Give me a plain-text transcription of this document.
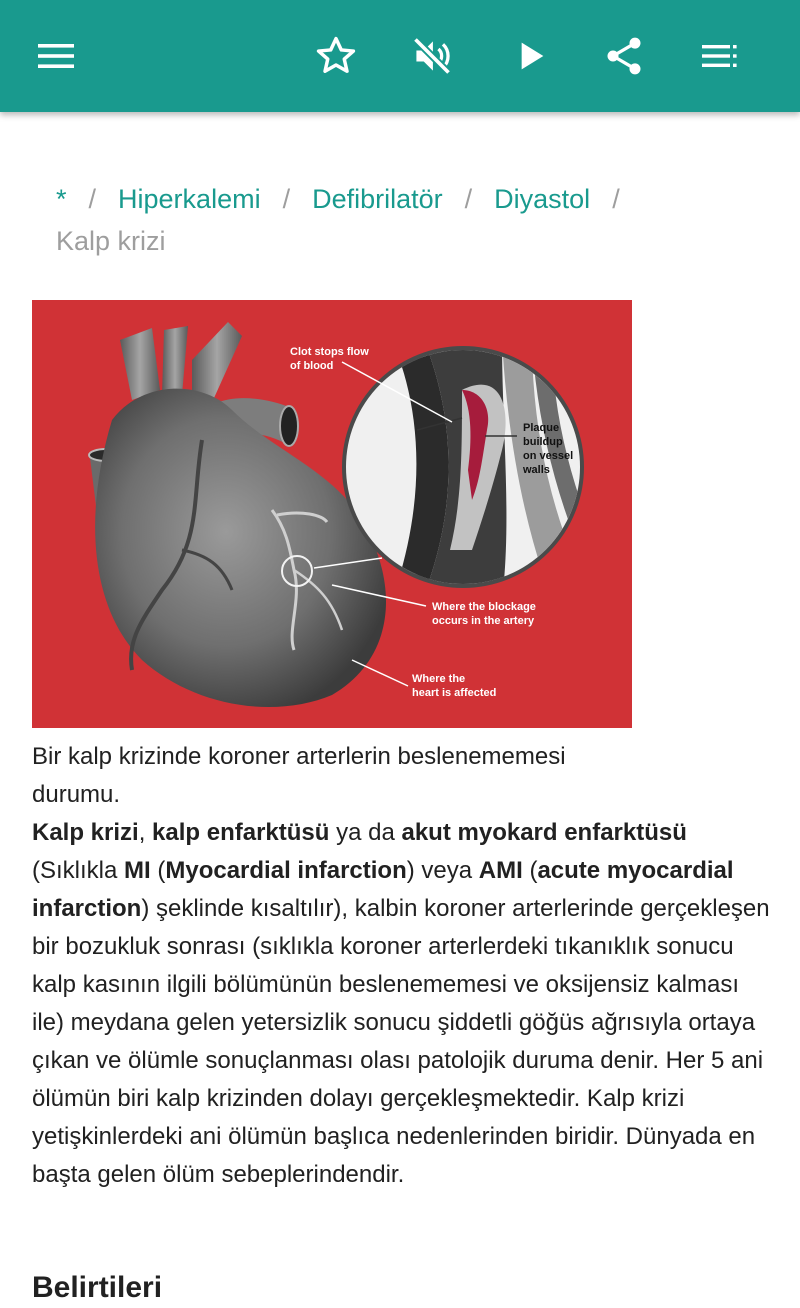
* / Hiperkalemi / Defibrilatör / Diyastol /
Kalp krizi
Clot stops flow
of blood
Plaque
buildup
on vessel
walls
Where the blockage
occurs in the artery
Where the
heart is affected
Bir kalp krizinde koroner arterlerin beslenememesi durumu.
Kalp krizi, kalp enfarktüsü ya da akut myokard enfarktüsü (Sıklıkla MI (Myocardial infarction) veya AMI (acute myocardial infarction) şeklinde kısaltılır), kalbin koroner arterlerinde gerçekleşen bir bozukluk sonrası (sıklıkla koroner arterlerdeki tıkanıklık sonucu kalp kasının ilgili bölümünün beslenememesi ve oksijensiz kalması ile) meydana gelen yetersizlik sonucu şiddetli göğüs ağrısıyla ortaya çıkan ve ölümle sonuçlanması olası patolojik duruma denir. Her 5 ani ölümün biri kalp krizinden dolayı gerçekleşmektedir. Kalp krizi yetişkinlerdeki ani ölümün başlıca nedenlerinden biridir. Dünyada en başta gelen ölüm sebeplerindendir.
Belirtileri
